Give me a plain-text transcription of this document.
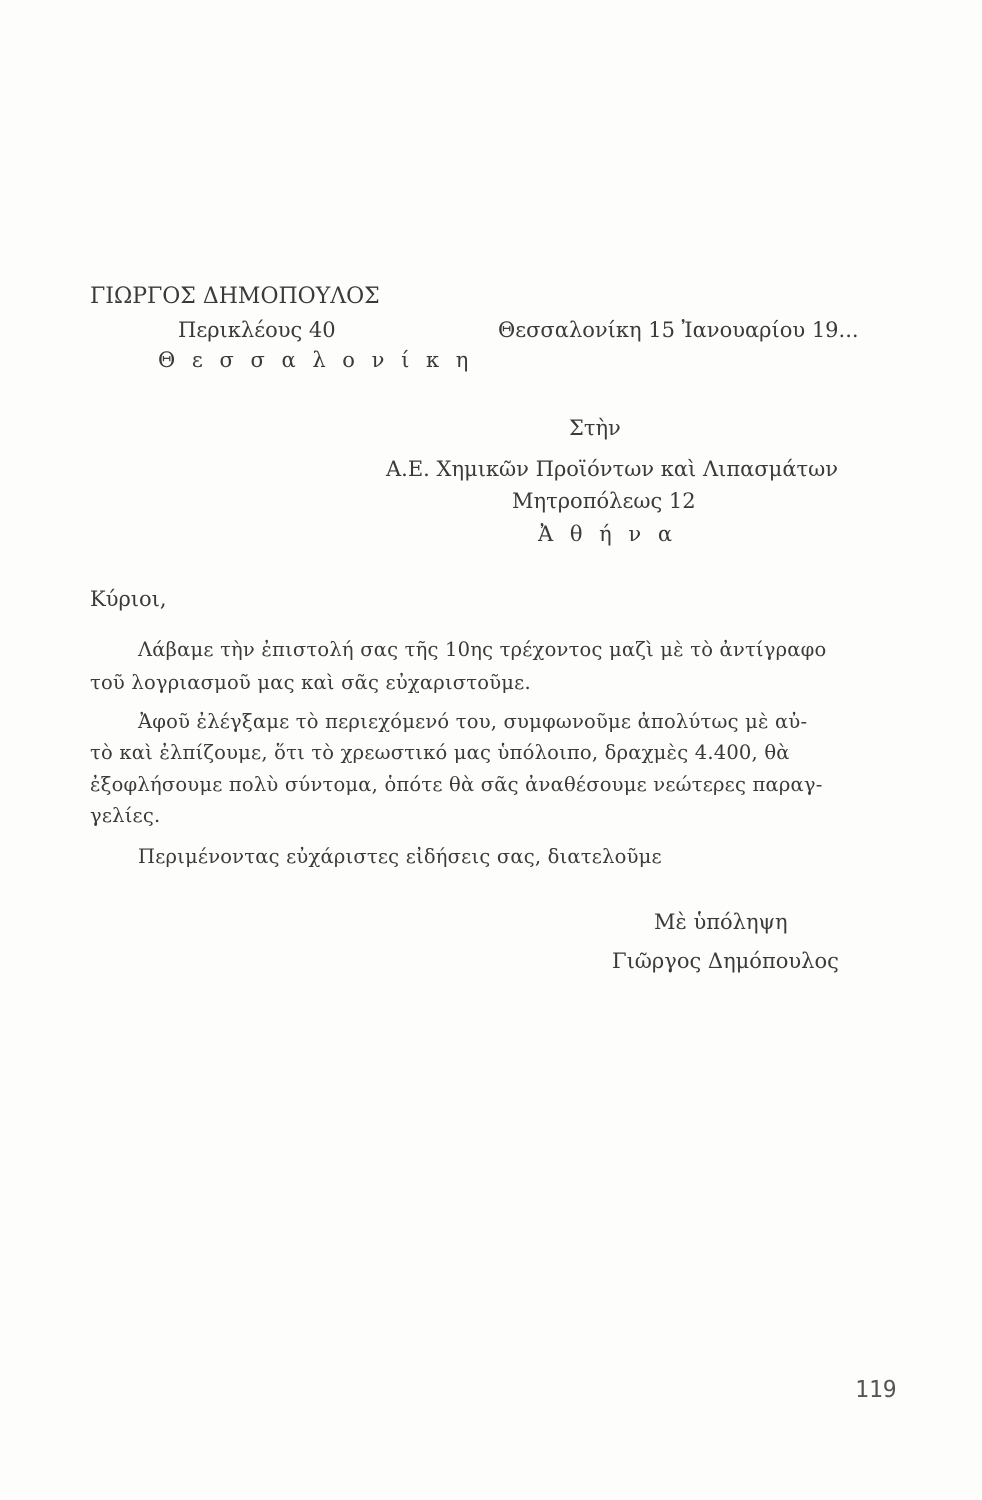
ΓΙΩΡΓΟΣ ΔΗΜΟΠΟΥΛΟΣ
Περικλέους 40
Θ ε σ σ α λ ο ν ί κ η
Θεσσαλονίκη 15 Ἰανουαρίου 19...
Στὴν
Α.Ε. Χημικῶν Προϊόντων καὶ Λιπασμάτων
Μητροπόλεως 12
Ἀ θ ή ν α
Κύριοι,
Λάβαμε τὴν ἐπιστολή σας τῆς 10ης τρέχοντος μαζὶ μὲ τὸ ἀντίγραφο
τοῦ λογριασμοῦ μας καὶ σᾶς εὐχαριστοῦμε.
Ἀφοῦ ἐλέγξαμε τὸ περιεχόμενό του, συμφωνοῦμε ἀπολύτως μὲ αὐ-
τὸ καὶ ἐλπίζουμε, ὅτι τὸ χρεωστικό μας ὑπόλοιπο, δραχμὲς 4.400, θὰ
ἐξοφλήσουμε πολὺ σύντομα, ὁπότε θὰ σᾶς ἀναθέσουμε νεώτερες παραγ-
γελίες.
Περιμένοντας εὐχάριστες εἰδήσεις σας, διατελοῦμε
Μὲ ὑπόληψη
Γιῶργος Δημόπουλος
119
